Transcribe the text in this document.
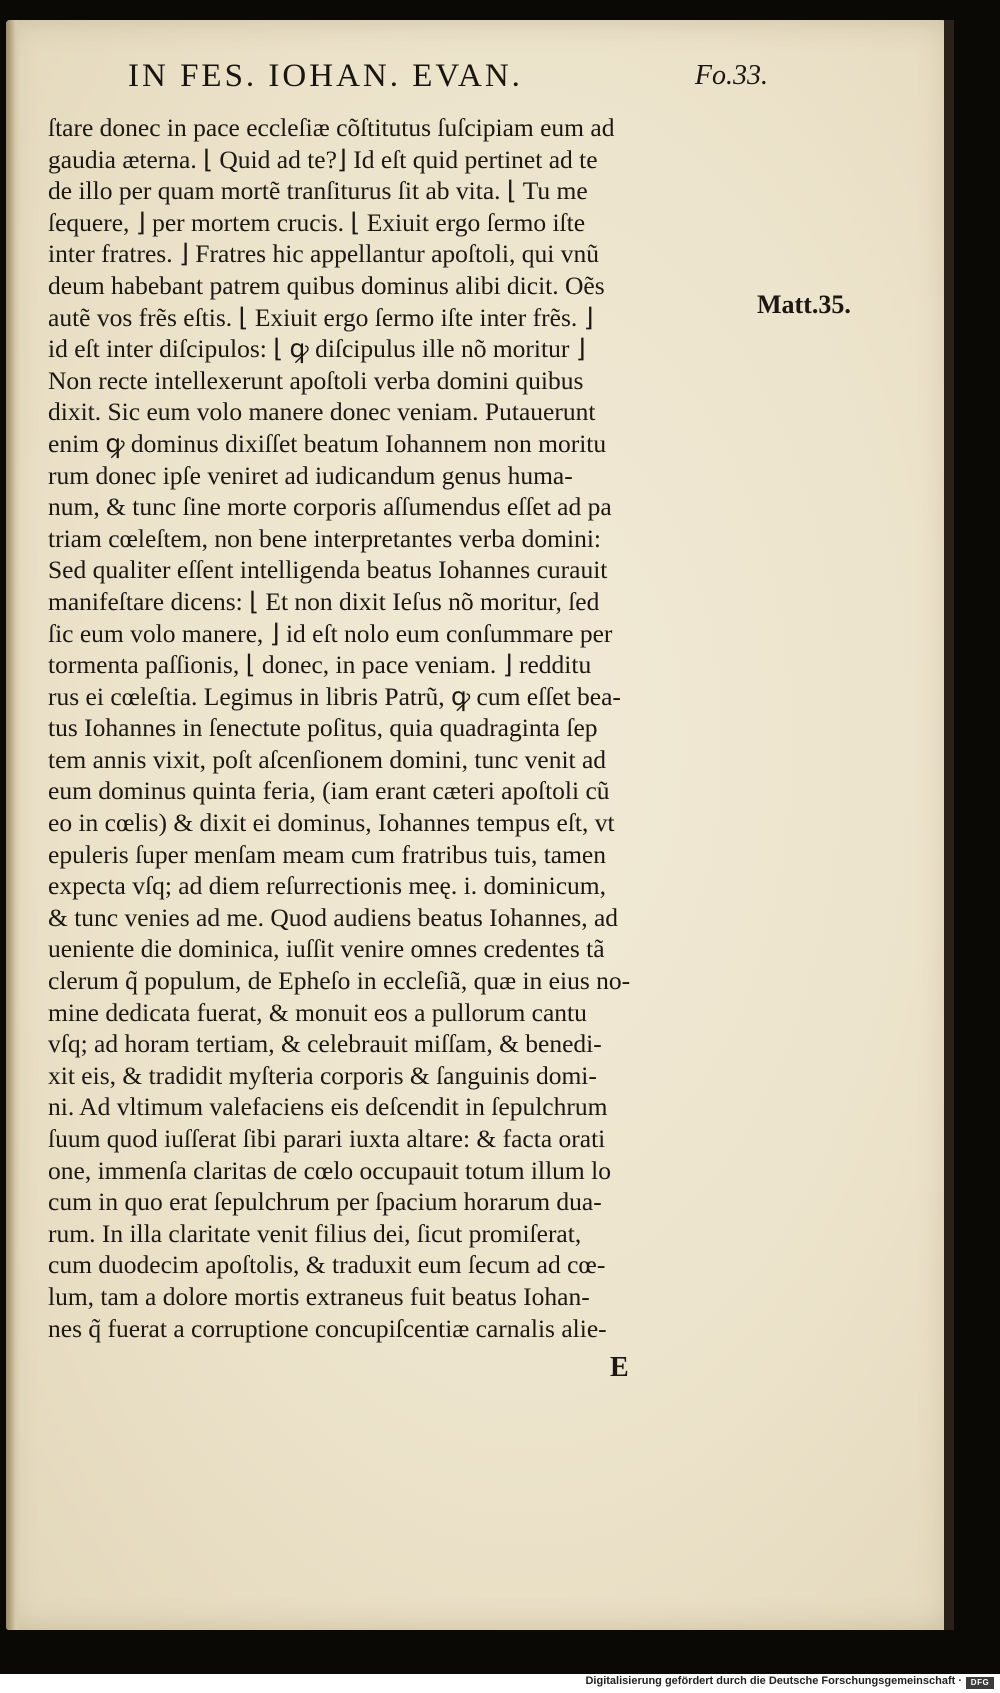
IN FES. IOHAN. EVAN.	Fo.33.
Matt.35.
ſtare donec in pace eccleſiæ cõſtitutus ſuſcipiam eum ad
gaudia æterna. ⌊ Quid ad te?⌋ Id eſt quid pertinet ad te
de illo per quam mortẽ tranſiturus ſit ab vita. ⌊ Tu me
ſequere, ⌋ per mortem crucis. ⌊ Exiuit ergo ſermo iſte
inter fratres. ⌋ Fratres hic appellantur apoſtoli, qui vnũ
deum habebant patrem quibus dominus alibi dicit. Oẽs
autẽ vos frẽs eſtis. ⌊ Exiuit ergo ſermo iſte inter frẽs. ⌋
id eſt inter diſcipulos: ⌊ ꝙ diſcipulus ille nõ moritur ⌋
Non recte intellexerunt apoſtoli verba domini quibus
dixit. Sic eum volo manere donec veniam. Putauerunt
enim ꝙ dominus dixiſſet beatum Iohannem non moritu
rum donec ipſe veniret ad iudicandum genus huma-
num, & tunc ſine morte corporis aſſumendus eſſet ad pa
triam cœleſtem, non bene interpretantes verba domini:
Sed qualiter eſſent intelligenda beatus Iohannes curauit
manifeſtare dicens: ⌊ Et non dixit Ieſus nõ moritur, ſed
ſic eum volo manere, ⌋ id eſt nolo eum conſummare per
tormenta paſſionis, ⌊ donec, in pace veniam. ⌋ redditu
rus ei cœleſtia. Legimus in libris Patrũ, ꝙ cum eſſet bea-
tus Iohannes in ſenectute poſitus, quia quadraginta ſep
tem annis vixit, poſt aſcenſionem domini, tunc venit ad
eum dominus quinta feria, (iam erant cæteri apoſtoli cũ
eo in cœlis) & dixit ei dominus, Iohannes tempus eſt, vt
epuleris ſuper menſam meam cum fratribus tuis, tamen
expecta vſq; ad diem reſurrectionis meę. i. dominicum,
& tunc venies ad me. Quod audiens beatus Iohannes, ad
ueniente die dominica, iuſſit venire omnes credentes tã
clerum q̃ populum, de Epheſo in eccleſiã, quæ in eius no-
mine dedicata fuerat, & monuit eos a pullorum cantu
vſq; ad horam tertiam, & celebrauit miſſam, & benedi-
xit eis, & tradidit myſteria corporis & ſanguinis domi-
ni. Ad vltimum valefaciens eis deſcendit in ſepulchrum
ſuum quod iuſſerat ſibi parari iuxta altare: & facta orati
one, immenſa claritas de cœlo occupauit totum illum lo
cum in quo erat ſepulchrum per ſpacium horarum dua-
rum. In illa claritate venit filius dei, ſicut promiſerat,
cum duodecim apoſtolis, & traduxit eum ſecum ad cœ-
lum, tam a dolore mortis extraneus fuit beatus Iohan-
nes q̃ fuerat a corruptione concupiſcentiæ carnalis alie-
E
Digitalisierung gefördert durch die Deutsche Forschungsgemeinschaft ·	DFG
